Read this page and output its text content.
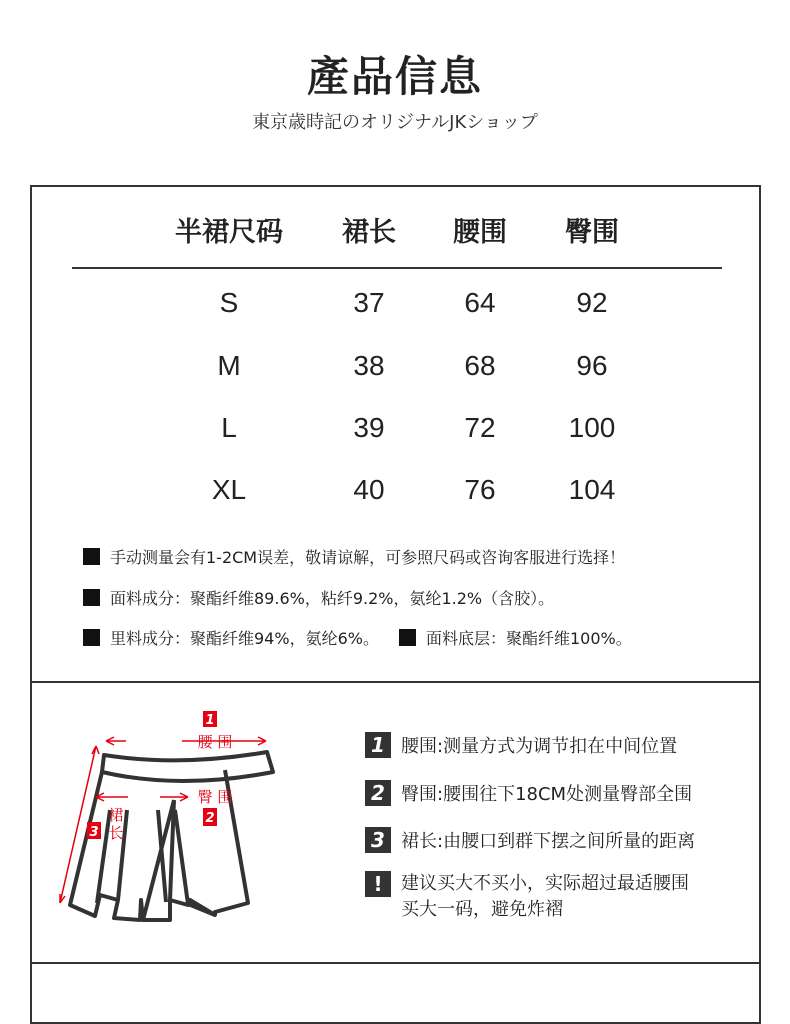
產品信息
東京歳時記のオリジナルJKショップ
半裙尺码 裙长 腰围 臀围
S	37	64	92
M	38	68	96
L	39	72	100
XL	40	76	104
手动测量会有1-2CM误差，敬请谅解，可参照尺码或咨询客服进行选择！
面料成分：聚酯纤维89.6%，粘纤9.2%，氨纶1.2%（含胶）。
里料成分：聚酯纤维94%，氨纶6%。	面料底层：聚酯纤维100%。
1
腰 围
臀 围
2
裙
3 长
1 腰围:测量方式为调节扣在中间位置
2 臀围:腰围往下18CM处测量臀部全围
3 裙长:由腰口到群下摆之间所量的距离
!	建议买大不买小，实际超过最适腰围
买大一码，避免炸褶
